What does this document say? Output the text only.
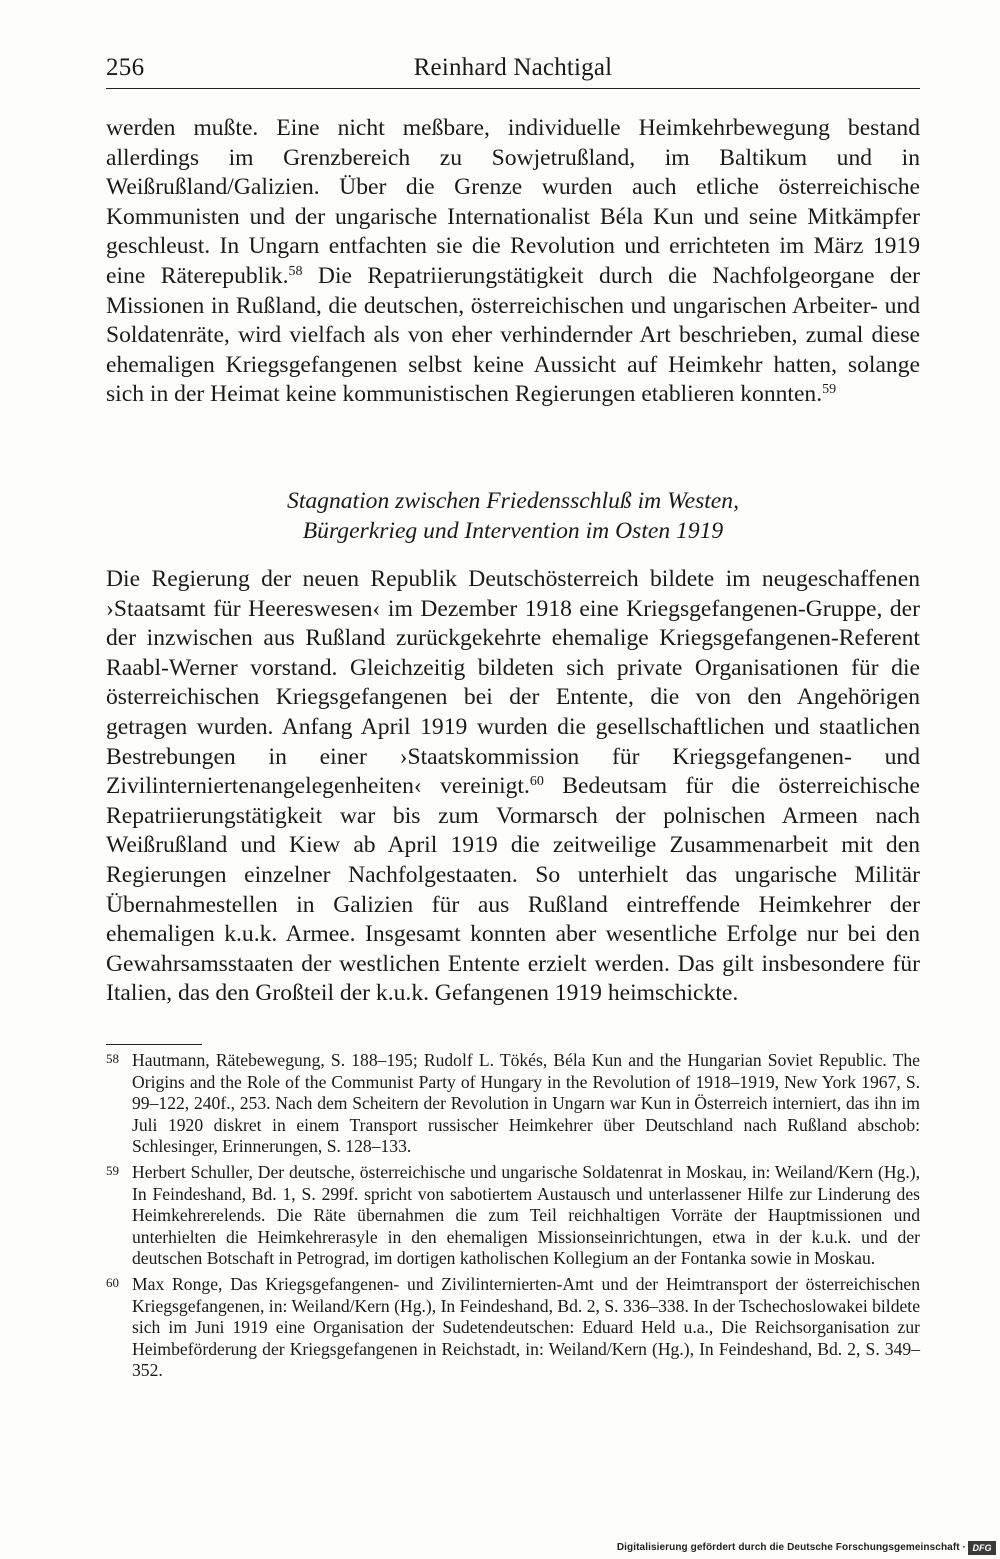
256	Reinhard Nachtigal

werden mußte. Eine nicht meßbare, individuelle Heimkehrbewegung bestand allerdings im Grenzbereich zu Sowjetrußland, im Baltikum und in Weißrußland/Galizien. Über die Grenze wurden auch etliche österreichische Kommunisten und der ungarische Internationalist Béla Kun und seine Mitkämpfer geschleust. In Ungarn entfachten sie die Revolution und errichteten im März 1919 eine Räterepublik.$^{58}$ Die Repatriierungstätigkeit durch die Nachfolgeorgane der Missionen in Rußland, die deutschen, österreichischen und ungarischen Arbeiter- und Soldatenräte, wird vielfach als von eher verhindernder Art beschrieben, zumal diese ehemaligen Kriegsgefangenen selbst keine Aussicht auf Heimkehr hatten, solange sich in der Heimat keine kommunistischen Regierungen etablieren konnten.$^{59}$

Stagnation zwischen Friedensschluß im Westen,
Bürgerkrieg und Intervention im Osten 1919

Die Regierung der neuen Republik Deutschösterreich bildete im neugeschaffenen ›Staatsamt für Heereswesen‹ im Dezember 1918 eine Kriegsgefangenen-Gruppe, der der inzwischen aus Rußland zurückgekehrte ehemalige Kriegsgefangenen-Referent Raabl-Werner vorstand. Gleichzeitig bildeten sich private Organisationen für die österreichischen Kriegsgefangenen bei der Entente, die von den Angehörigen getragen wurden. Anfang April 1919 wurden die gesellschaftlichen und staatlichen Bestrebungen in einer ›Staatskommission für Kriegsgefangenen- und Zivilinterniertenangelegenheiten‹ vereinigt.$^{60}$ Bedeutsam für die österreichische Repatriierungstätigkeit war bis zum Vormarsch der polnischen Armeen nach Weißrußland und Kiew ab April 1919 die zeitweilige Zusammenarbeit mit den Regierungen einzelner Nachfolgestaaten. So unterhielt das ungarische Militär Übernahmestellen in Galizien für aus Rußland eintreffende Heimkehrer der ehemaligen k.u.k. Armee. Insgesamt konnten aber wesentliche Erfolge nur bei den Gewahrsamsstaaten der westlichen Entente erzielt werden. Das gilt insbesondere für Italien, das den Großteil der k.u.k. Gefangenen 1919 heimschickte.

58 Hautmann, Rätebewegung, S. 188–195; Rudolf L. Tökés, Béla Kun and the Hungarian Soviet Republic. The Origins and the Role of the Communist Party of Hungary in the Revolution of 1918–1919, New York 1967, S. 99–122, 240f., 253. Nach dem Scheitern der Revolution in Ungarn war Kun in Österreich interniert, das ihn im Juli 1920 diskret in einem Transport russischer Heimkehrer über Deutschland nach Rußland abschob: Schlesinger, Erinnerungen, S. 128–133.
59 Herbert Schuller, Der deutsche, österreichische und ungarische Soldatenrat in Moskau, in: Weiland/Kern (Hg.), In Feindeshand, Bd. 1, S. 299f. spricht von sabotiertem Austausch und unterlassener Hilfe zur Linderung des Heimkehrerelends. Die Räte übernahmen die zum Teil reichhaltigen Vorräte der Hauptmissionen und unterhielten die Heimkehrerasyle in den ehemaligen Missionseinrichtungen, etwa in der k.u.k. und der deutschen Botschaft in Petrograd, im dortigen katholischen Kollegium an der Fontanka sowie in Moskau.
60 Max Ronge, Das Kriegsgefangenen- und Zivilinternierten-Amt und der Heimtransport der österreichischen Kriegsgefangenen, in: Weiland/Kern (Hg.), In Feindeshand, Bd. 2, S. 336–338. In der Tschechoslowakei bildete sich im Juni 1919 eine Organisation der Sudetendeutschen: Eduard Held u.a., Die Reichsorganisation zur Heimbeförderung der Kriegsgefangenen in Reichstadt, in: Weiland/Kern (Hg.), In Feindeshand, Bd. 2, S. 349–352.
Digitalisierung gefördert durch die Deutsche Forschungsgemeinschaft · DFG
